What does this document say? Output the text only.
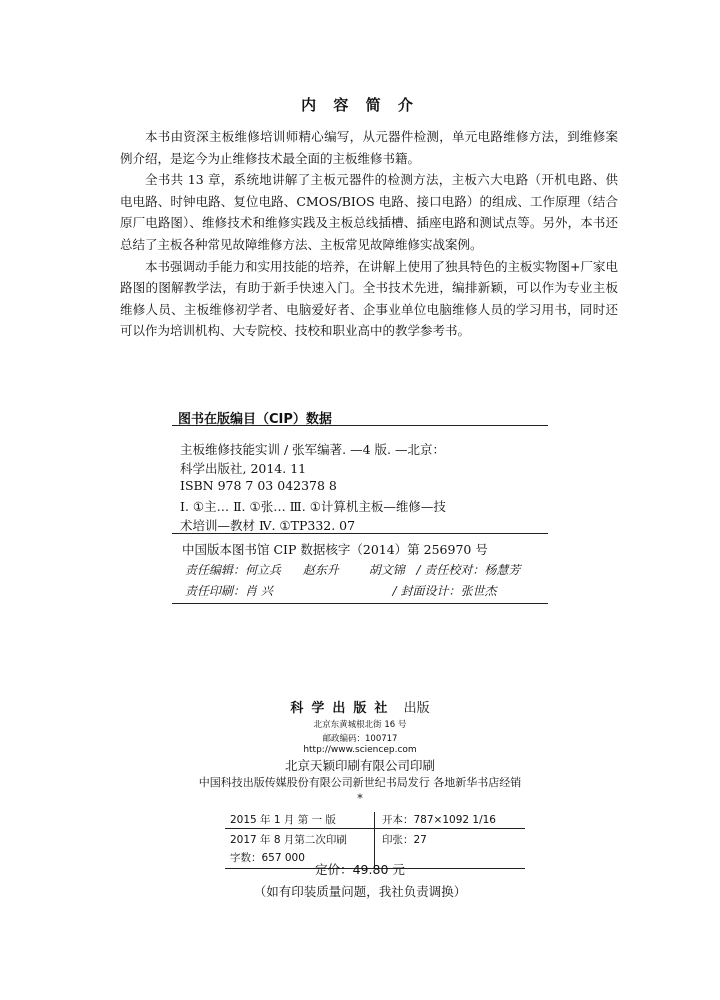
内 容 简 介

本书由资深主板维修培训师精心编写，从元器件检测，单元电路维修方法，到维修案例介绍，是迄今为止维修技术最全面的主板维修书籍。

全书共 13 章，系统地讲解了主板元器件的检测方法，主板六大电路（开机电路、供电电路、时钟电路、复位电路、CMOS/BIOS 电路、接口电路）的组成、工作原理（结合原厂电路图）、维修技术和维修实践及主板总线插槽、插座电路和测试点等。另外，本书还总结了主板各种常见故障维修方法、主板常见故障维修实战案例。

本书强调动手能力和实用技能的培养，在讲解上使用了独具特色的主板实物图+厂家电路图的图解教学法，有助于新手快速入门。全书技术先进，编排新颖，可以作为专业主板维修人员、主板维修初学者、电脑爱好者、企事业单位电脑维修人员的学习用书，同时还可以作为培训机构、大专院校、技校和职业高中的教学参考书。

图书在版编目（CIP）数据
主板维修技能实训 / 张军编著. —4 版. —北京：
科学出版社, 2014. 11
ISBN 978 7 03 042378 8
Ⅰ. ①主… Ⅱ. ①张… Ⅲ. ①计算机主板—维修—技
术培训—教材 Ⅳ. ①TP332. 07
中国版本图书馆 CIP 数据核字（2014）第 256970 号
责任编辑：何立兵 赵东升 胡文锦 / 责任校对：杨慧芳
责任印刷：肖 兴	/ 封面设计：张世杰
科学出版社 出版
北京东黄城根北街 16 号
邮政编码：100717
http://www.sciencep.com
北京天颖印刷有限公司印刷
中国科技出版传媒股份有限公司新世纪书局发行 各地新华书店经销
*
2015 年 1 月 第 一 版	开本：787×1092 1/16
2017 年 8 月第二次印刷	印张：27
字数：657 000
定价：49.80 元
（如有印装质量问题，我社负责调换）
